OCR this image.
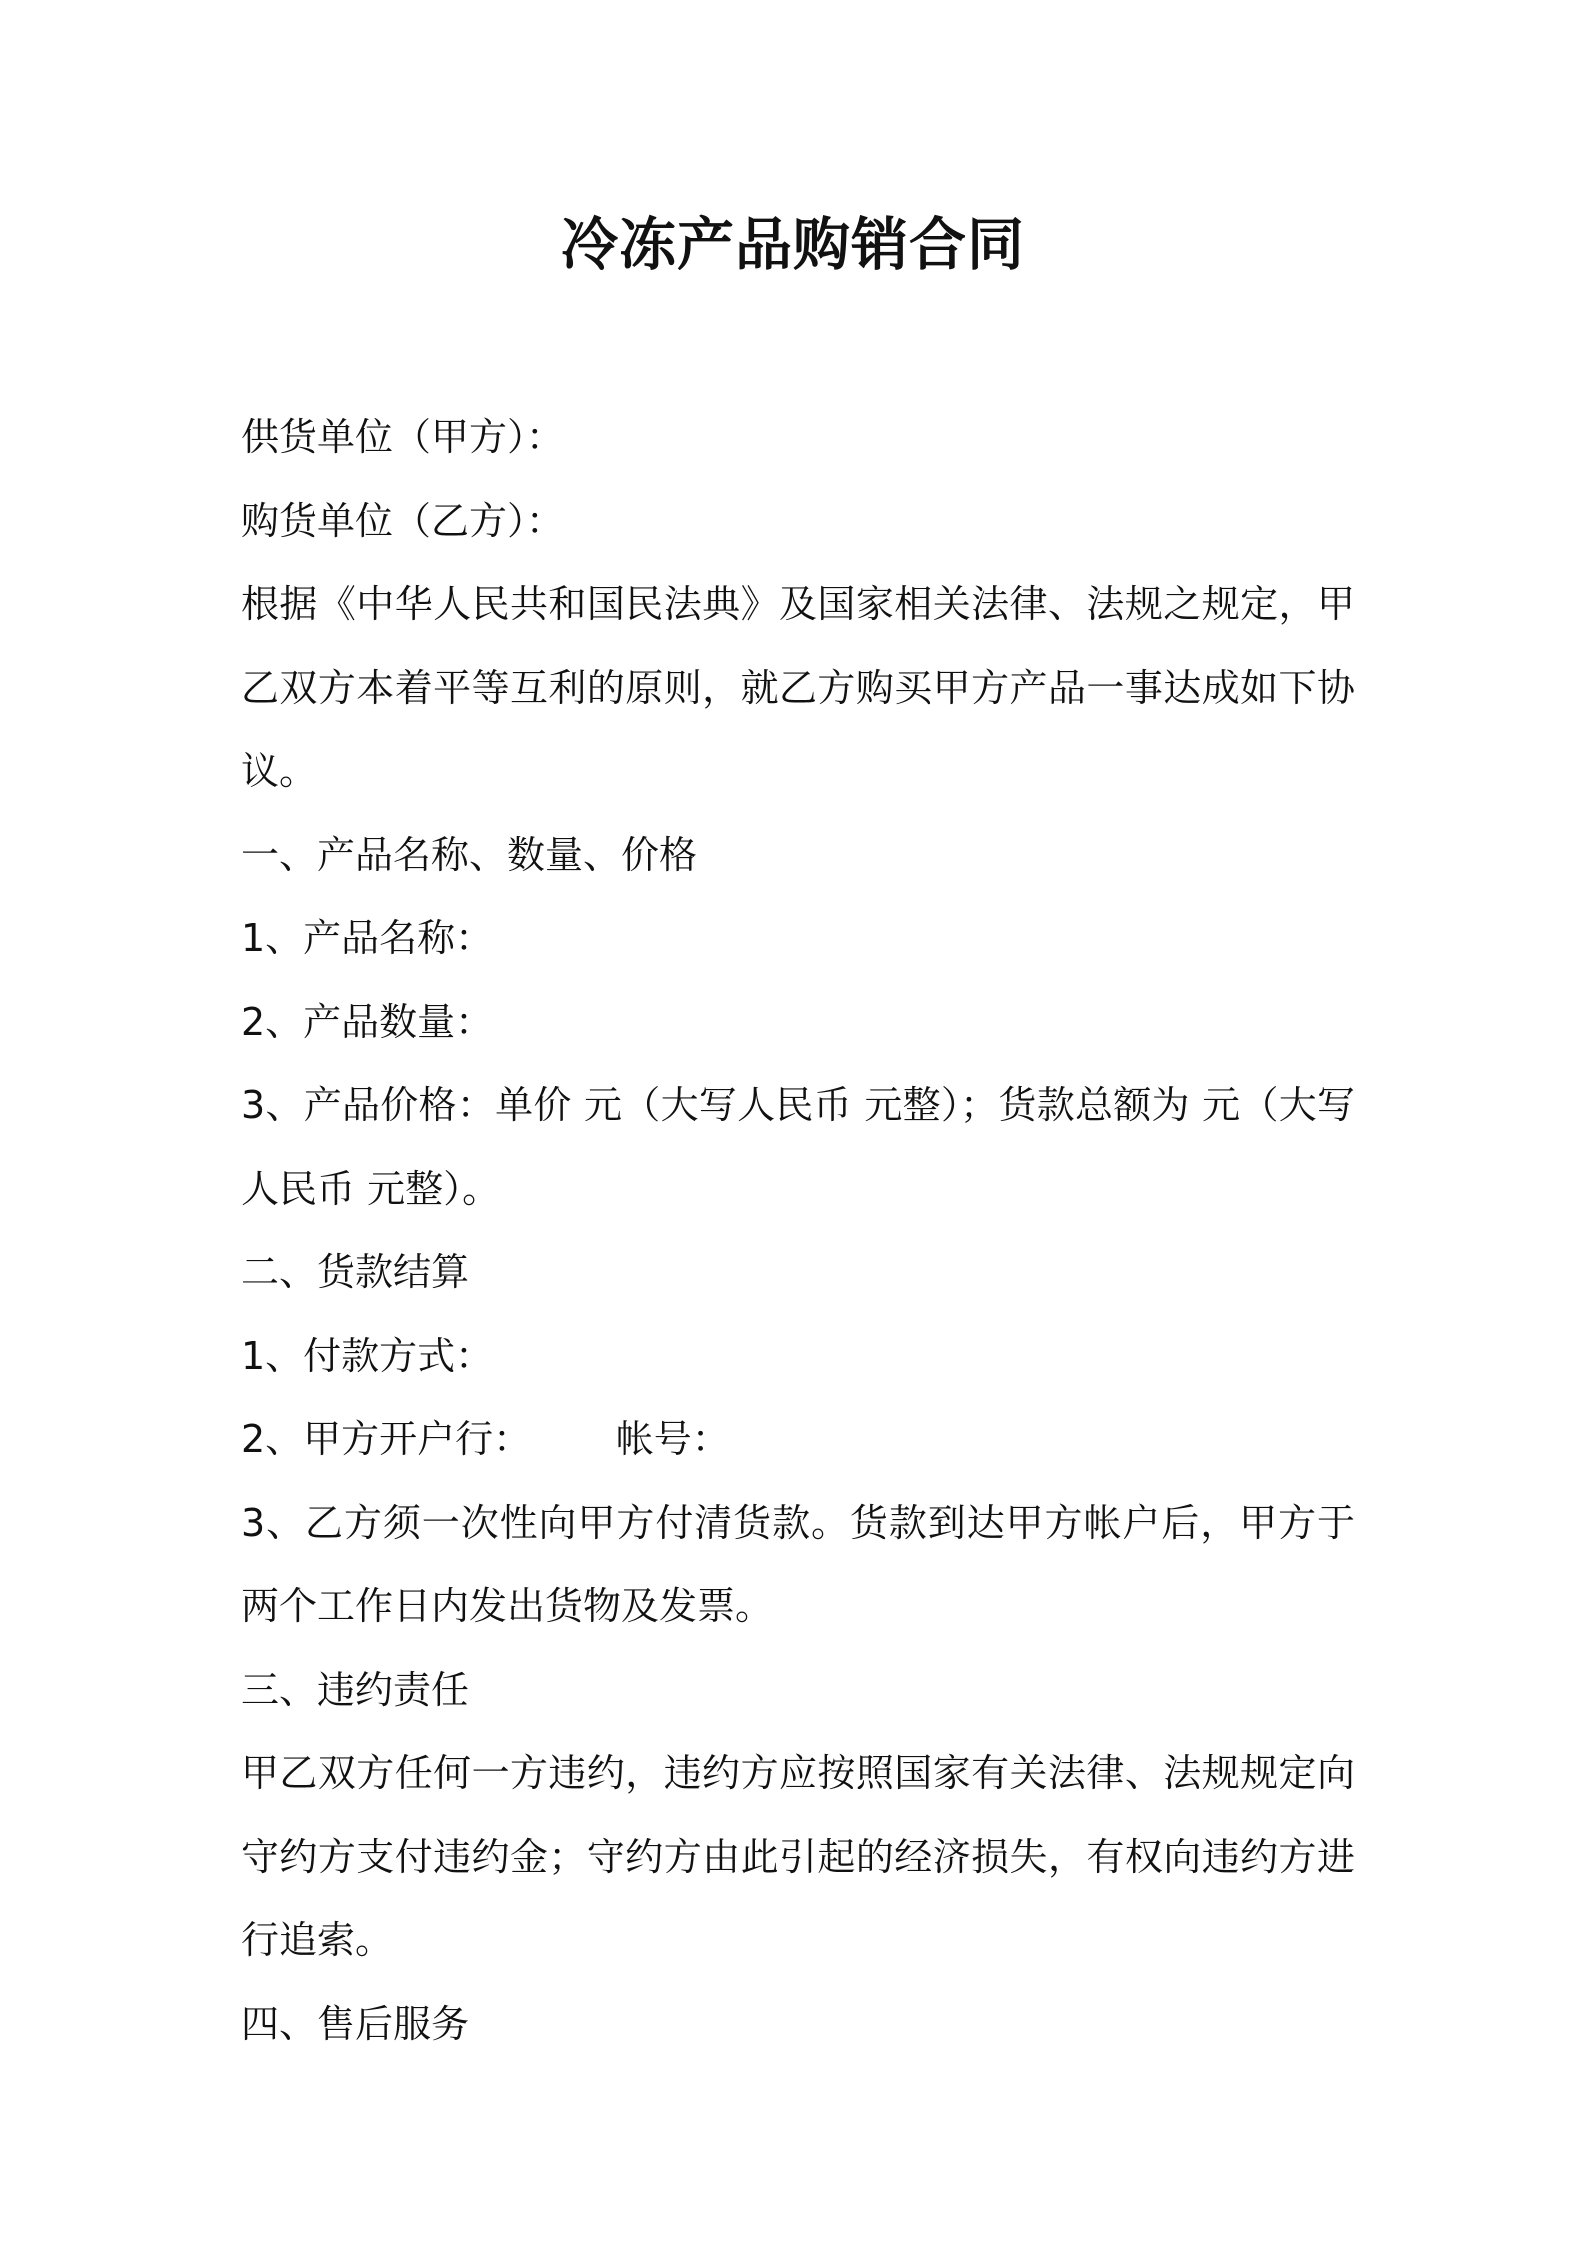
冷冻产品购销合同
供货单位（甲方）：
购货单位（乙方）：
根据《中华人民共和国民法典》及国家相关法律、法规之规定，甲乙双方本着平等互利的原则，就乙方购买甲方产品一事达成如下协议。
一、产品名称、数量、价格
1、产品名称：
2、产品数量：
3、产品价格：单价 元（大写人民币 元整）；货款总额为 元（大写人民币 元整）。
二、货款结算
1、付款方式：
2、甲方开户行：       帐号：
3、乙方须一次性向甲方付清货款。货款到达甲方帐户后，甲方于两个工作日内发出货物及发票。
三、违约责任
甲乙双方任何一方违约，违约方应按照国家有关法律、法规规定向守约方支付违约金；守约方由此引起的经济损失，有权向违约方进行追索。
四、售后服务
